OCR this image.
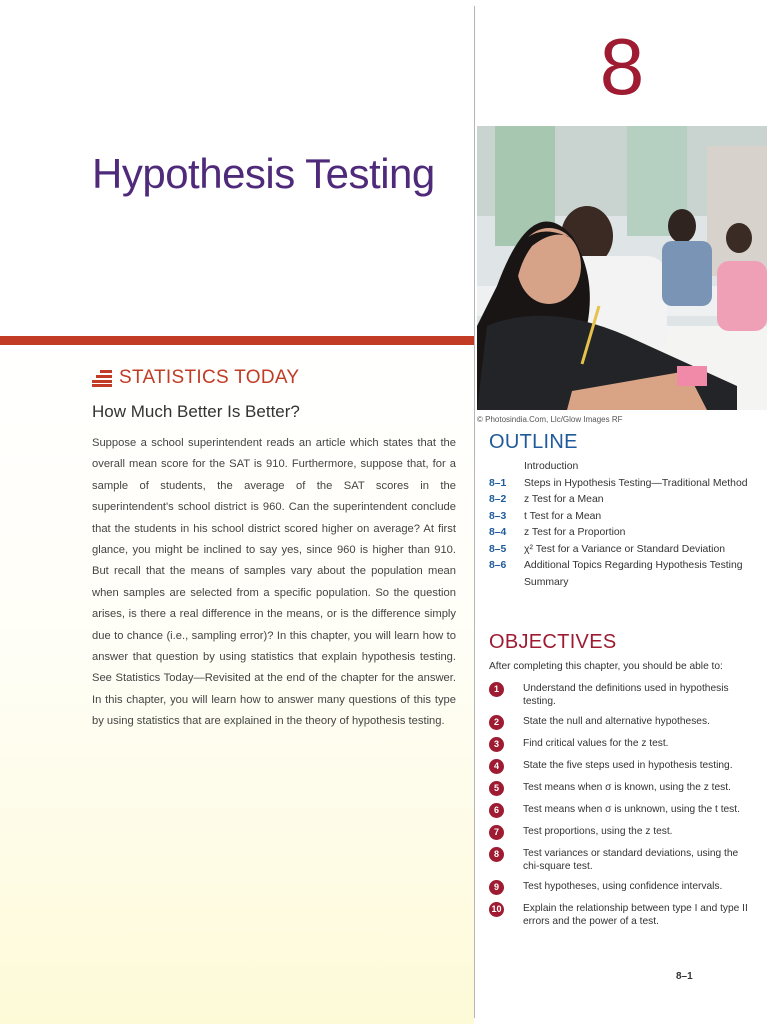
8
Hypothesis Testing
© Photosindia.Com, Llc/Glow Images RF
STATISTICS TODAY
How Much Better Is Better?
Suppose a school superintendent reads an article which states that the overall mean score for the SAT is 910. Furthermore, suppose that, for a sample of students, the average of the SAT scores in the superintendent's school district is 960. Can the superintendent conclude that the students in his school district scored higher on average? At first glance, you might be inclined to say yes, since 960 is higher than 910. But recall that the means of samples vary about the population mean when samples are selected from a specific population. So the question arises, is there a real difference in the means, or is the difference simply due to chance (i.e., sampling error)? In this chapter, you will learn how to answer that question by using statistics that explain hypothesis testing. See Statistics Today—Revisited at the end of the chapter for the answer. In this chapter, you will learn how to answer many questions of this type by using statistics that are explained in the theory of hypothesis testing.
OUTLINE
Introduction
8–1	Steps in Hypothesis Testing—Traditional Method
8–2	z Test for a Mean
8–3	t Test for a Mean
8–4	z Test for a Proportion
8–5	χ² Test for a Variance or Standard Deviation
8–6	Additional Topics Regarding Hypothesis Testing
Summary
OBJECTIVES
After completing this chapter, you should be able to:
1	Understand the definitions used in hypothesis testing.
2	State the null and alternative hypotheses.
3	Find critical values for the z test.
4	State the five steps used in hypothesis testing.
5	Test means when σ is known, using the z test.
6	Test means when σ is unknown, using the t test.
7	Test proportions, using the z test.
8	Test variances or standard deviations, using the chi-square test.
9	Test hypotheses, using confidence intervals.
10 Explain the relationship between type I and type II errors and the power of a test.
8–1
